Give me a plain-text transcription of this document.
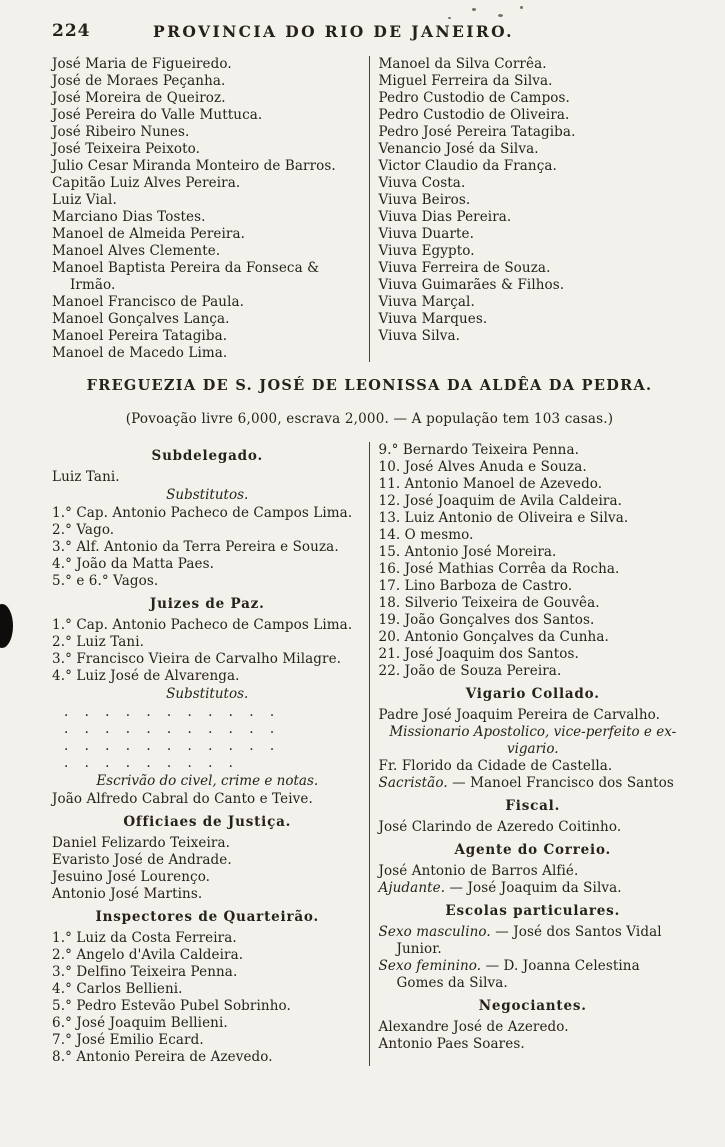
224	PROVINCIA DO RIO DE JANEIRO.
José Maria de Figueiredo.
José de Moraes Peçanha.
José Moreira de Queiroz.
José Pereira do Valle Muttuca.
José Ribeiro Nunes.
José Teixeira Peixoto.
Julio Cesar Miranda Monteiro de Barros.
Capitão Luiz Alves Pereira.
Luiz Vial.
Marciano Dias Tostes.
Manoel de Almeida Pereira.
Manoel Alves Clemente.
Manoel Baptista Pereira da Fonseca & Irmão.
Manoel Francisco de Paula.
Manoel Gonçalves Lança.
Manoel Pereira Tatagiba.
Manoel de Macedo Lima.
Manoel da Silva Corrêa.
Miguel Ferreira da Silva.
Pedro Custodio de Campos.
Pedro Custodio de Oliveira.
Pedro José Pereira Tatagiba.
Venancio José da Silva.
Victor Claudio da França.
Viuva Costa.
Viuva Beiros.
Viuva Dias Pereira.
Viuva Duarte.
Viuva Egypto.
Viuva Ferreira de Souza.
Viuva Guimarães & Filhos.
Viuva Marçal.
Viuva Marques.
Viuva Silva.
FREGUEZIA DE S. JOSÉ DE LEONISSA DA ALDÊA DA PEDRA.
(Povoação livre 6,000, escrava 2,000. — A população tem 103 casas.)
Subdelegado.
Luiz Tani.
Substitutos.
1.° Cap. Antonio Pacheco de Campos Lima.
2.° Vago.
3.° Alf. Antonio da Terra Pereira e Souza.
4.° João da Matta Paes.
5.° e 6.° Vagos.
Juizes de Paz.
1.° Cap. Antonio Pacheco de Campos Lima.
2.° Luiz Tani.
3.° Francisco Vieira de Carvalho Milagre.
4.° Luiz José de Alvarenga.
Substitutos.
. . . . . . . . . . .
. . . . . . . . . . .
. . . . . . . . . . .
. . . . . . . . .
Escrivão do civel, crime e notas.
João Alfredo Cabral do Canto e Teive.
Officiaes de Justiça.
Daniel Felizardo Teixeira.
Evaristo José de Andrade.
Jesuino José Lourenço.
Antonio José Martins.
Inspectores de Quarteirão.
1.° Luiz da Costa Ferreira.
2.° Angelo d'Avila Caldeira.
3.° Delfino Teixeira Penna.
4.° Carlos Bellieni.
5.° Pedro Estevão Pubel Sobrinho.
6.° José Joaquim Bellieni.
7.° José Emilio Ecard.
8.° Antonio Pereira de Azevedo.
9.° Bernardo Teixeira Penna.
10. José Alves Anuda e Souza.
11. Antonio Manoel de Azevedo.
12. José Joaquim de Avila Caldeira.
13. Luiz Antonio de Oliveira e Silva.
14. O mesmo.
15. Antonio José Moreira.
16. José Mathias Corrêa da Rocha.
17. Lino Barboza de Castro.
18. Silverio Teixeira de Gouvêa.
19. João Gonçalves dos Santos.
20. Antonio Gonçalves da Cunha.
21. José Joaquim dos Santos.
22. João de Souza Pereira.
Vigario Collado.
Padre José Joaquim Pereira de Carvalho.
Missionario Apostolico, vice-perfeito e ex-vigario.
Fr. Florido da Cidade de Castella.
Sacristão. — Manoel Francisco dos Santos
Fiscal.
José Clarindo de Azeredo Coitinho.
Agente do Correio.
José Antonio de Barros Alfié.
Ajudante. — José Joaquim da Silva.
Escolas particulares.
Sexo masculino. — José dos Santos Vidal Junior.
Sexo feminino. — D. Joanna Celestina Gomes da Silva.
Negociantes.
Alexandre José de Azeredo.
Antonio Paes Soares.
